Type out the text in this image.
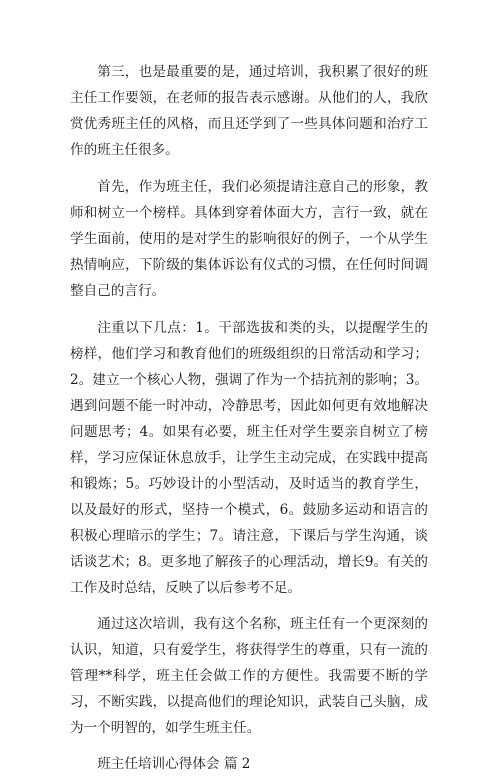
第三，也是最重要的是，通过培训，我积累了很好的班主任工作要领，在老师的报告表示感谢。从他们的人，我欣赏优秀班主任的风格，而且还学到了一些具体问题和治疗工作的班主任很多。

首先，作为班主任，我们必须提请注意自己的形象，教师和树立一个榜样。具体到穿着体面大方，言行一致，就在学生面前，使用的是对学生的影响很好的例子，一个从学生热情响应，下阶级的集体诉讼有仪式的习惯，在任何时间调整自己的言行。

注重以下几点：1。干部选拔和类的头，以提醒学生的榜样，他们学习和教育他们的班级组织的日常活动和学习；2。建立一个核心人物，强调了作为一个拮抗剂的影响；3。遇到问题不能一时冲动，冷静思考，因此如何更有效地解决问题思考；4。如果有必要，班主任对学生要亲自树立了榜样，学习应保证休息放手，让学生主动完成，在实践中提高和锻炼；5。巧妙设计的小型活动，及时适当的教育学生，以及最好的形式，坚持一个模式，6。鼓励多运动和语言的积极心理暗示的学生；7。请注意，下课后与学生沟通，谈话谈艺术；8。更多地了解孩子的心理活动，增长9。有关的工作及时总结，反映了以后参考不足。

通过这次培训，我有这个名称，班主任有一个更深刻的认识，知道，只有爱学生，将获得学生的尊重，只有一流的管理**科学，班主任会做工作的方便性。我需要不断的学习，不断实践，以提高他们的理论知识，武装自己头脑，成为一个明智的，如学生班主任。

班主任培训心得体会 篇 2
